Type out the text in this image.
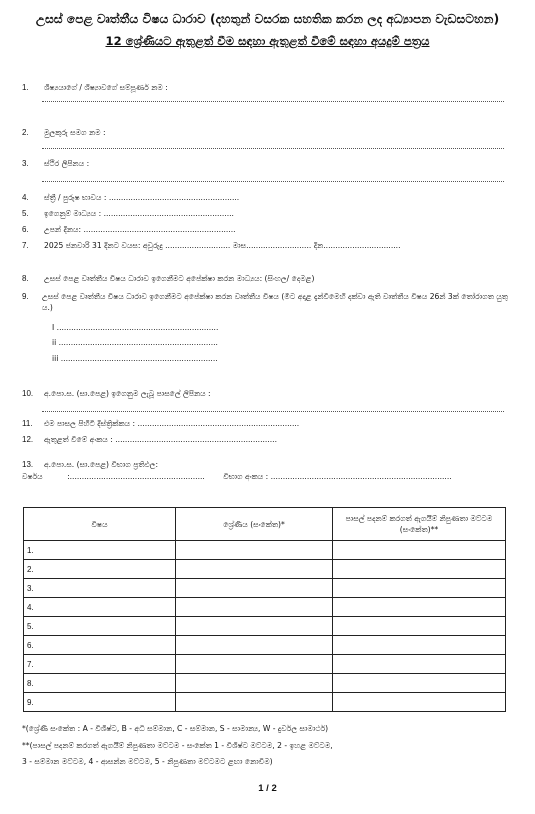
උසස් පෙළ වෘත්තීය විෂය ධාරාව (දහතුන් වසරක සහතික කරන ලද අධ්‍යාපන වැඩසටහන)
12 ශ්‍රේණියට ඇතුළත් වීම සඳහා ඇතුළත් වීමේ සඳහා අයදුම් පත්‍රය
1. ශිෂ්‍යයාගේ / ශිෂ්‍යාවගේ සම්පූර්ණ නම :
2. මුලකුරු සමග නම :
3. ස්ථිර ලිපිනය :
4. ස්ත්‍රී / පුරුෂ භාවය : ......................................................
5. ඉගෙනුම් මාධ්‍යය : ......................................................
6. උපන් දිනය: ...............................................................
7. 2025 ජනවාරි 31 දිනට වයස: අවුරුදු ........................... මාස........................... දින................................
8. උසස් පෙළ වෘත්තීය විෂය ධාරාව ඉගෙනීමට අපේක්ෂා කරන මාධ්‍යය: (සිංහල/ දෙමළ)
9.	උසස් පෙළ වෘත්තීය විෂය ධාරාව ඉගෙනීමට අපේක්ෂා කරන වෘත්තීය විෂය (මීට අදාළ දැන්වීමෙහි දක්වා ඇති වෘත්තීය විෂය 26න් 3ක් තෝරාගත යුතු ය.)
I ...................................................................
ii ..................................................................
iii .................................................................
10. අ.පො.ස. (සා.පෙළ) ඉගෙනුම ලැබූ පාසලේ ලිපිනය :
11. එම පාසල පිහිටි දිස්ත්‍රික්කය : ...................................................................
12. ඇතුළත් වීමේ අංකය : ...................................................................
13. අ.පො.ස. (සා.පෙළ) විභාග ප්‍රතිඵල:
වර්ෂය	:........................................................ විභාග අංකය : ...........................................................................
විෂය	ශ්‍රේණිය (සංකේත)*	පාසල් පදනම් කරගත් ඇගයීම් නිපුණතා මට්ටම (සංකේත)**
1.		
2.		
3.		
4.		
5.		
6.		
7.		
8.		
9.		
*(ශ්‍රේණි සංකේත : A - විශිෂ්ට, B - අධි සම්මාන, C - සම්මාන, S - සාමාන්‍ය, W - දුර්වල සාමාර්ථ)
**(පාසල් පදනම් කරගත් ඇගයීම් නිපුණතා මට්ටම - සංකේත 1 - විශිෂ්ට මට්ටම, 2 - ඉහළ මට්ටම,
3 - සම්මාන මට්ටම, 4 - ආසන්න මට්ටම, 5 - නිපුණතා මට්ටමට ළඟා නොවීම)
1 / 2
